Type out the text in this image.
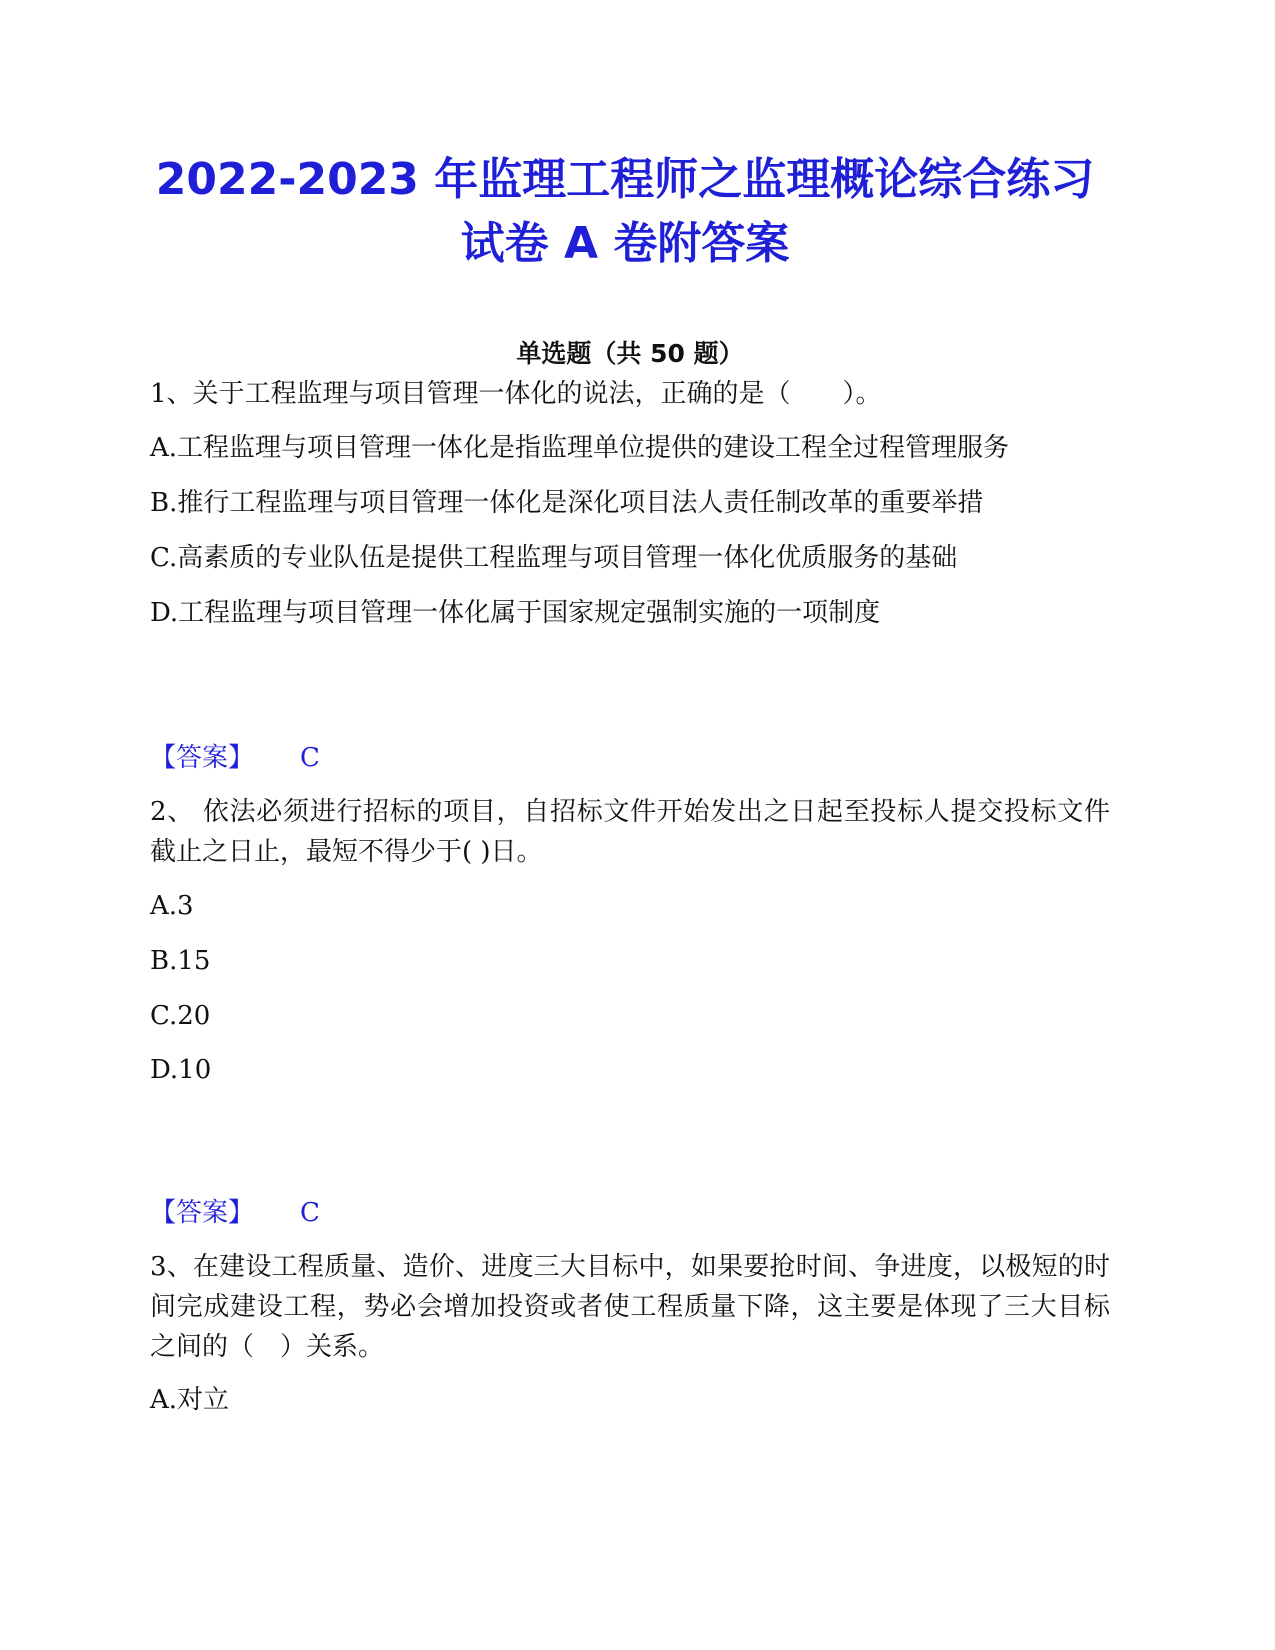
2022-2023 年监理工程师之监理概论综合练习试卷 A 卷附答案
单选题（共 50 题）

1、关于工程监理与项目管理一体化的说法，正确的是（　　）。

A.工程监理与项目管理一体化是指监理单位提供的建设工程全过程管理服务

B.推行工程监理与项目管理一体化是深化项目法人责任制改革的重要举措

C.高素质的专业队伍是提供工程监理与项目管理一体化优质服务的基础

D.工程监理与项目管理一体化属于国家规定强制实施的一项制度

【答案】 C

2、 依法必须进行招标的项目，自招标文件开始发出之日起至投标人提交投标文件截止之日止，最短不得少于( )日。

A.3

B.15

C.20

D.10

【答案】 C

3、在建设工程质量、造价、进度三大目标中，如果要抢时间、争进度，以极短的时间完成建设工程，势必会增加投资或者使工程质量下降，这主要是体现了三大目标之间的（　）关系。

A.对立
